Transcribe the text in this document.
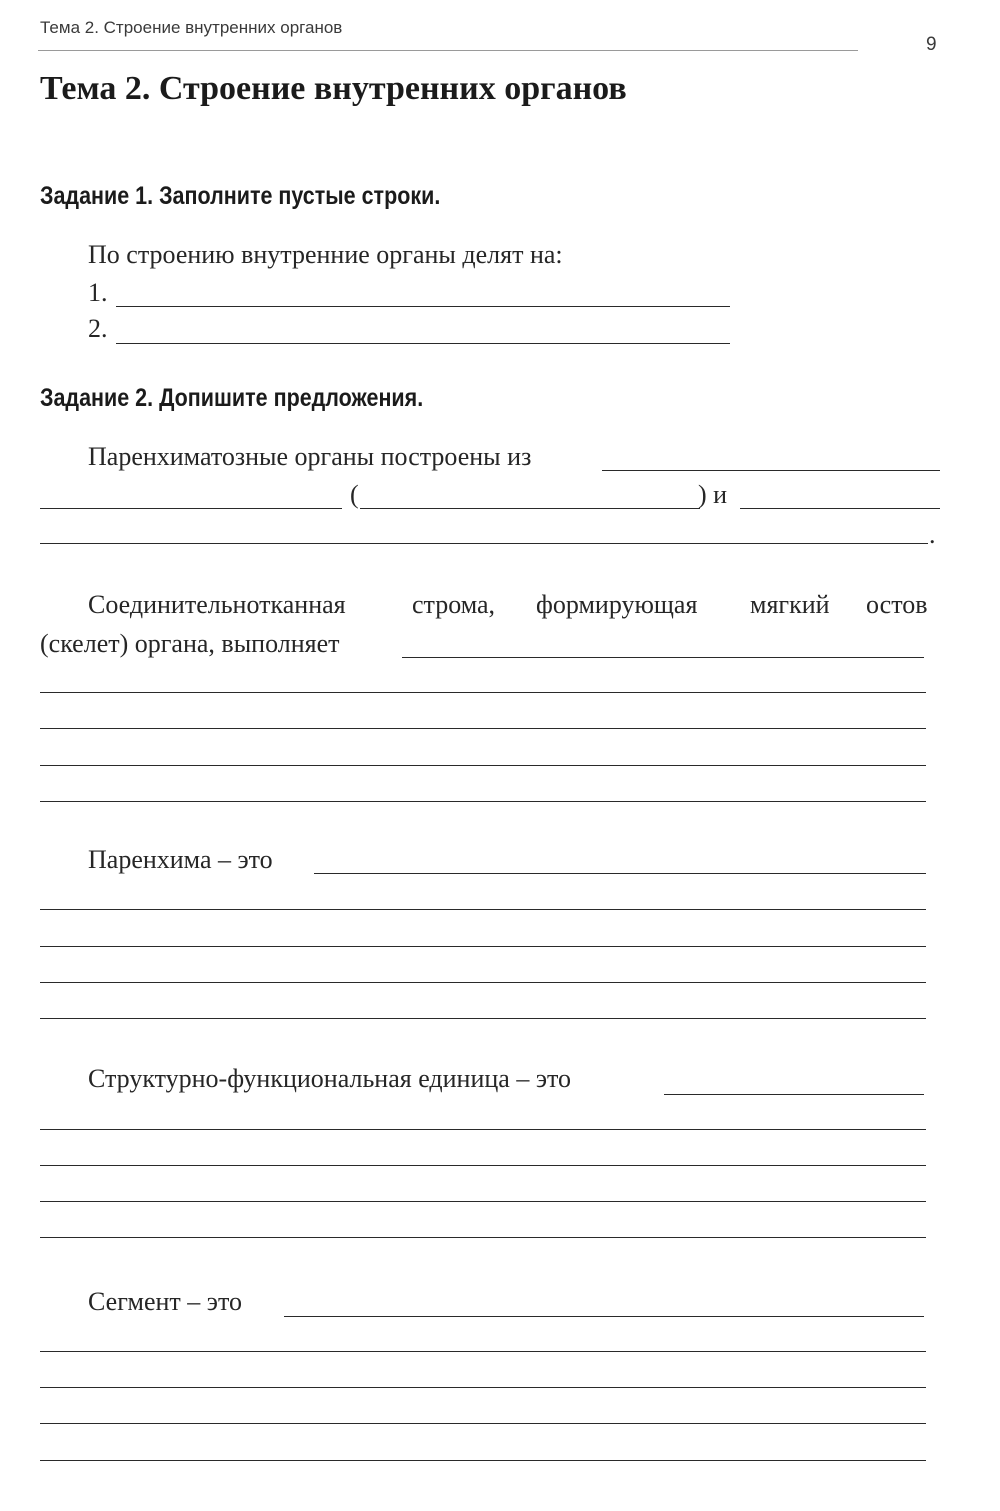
Тема 2. Строение внутренних органов
9
Тема 2. Строение внутренних органов
Задание 1. Заполните пустые строки.
По строению внутренние органы делят на:
1.
2.
Задание 2. Допишите предложения.
Паренхиматозные органы построены из
(	) и
.
Соединительнотканная	строма, формирующая мягкий остов
(скелет) органа, выполняет
Паренхима – это
Структурно-функциональная единица – это
Сегмент – это
